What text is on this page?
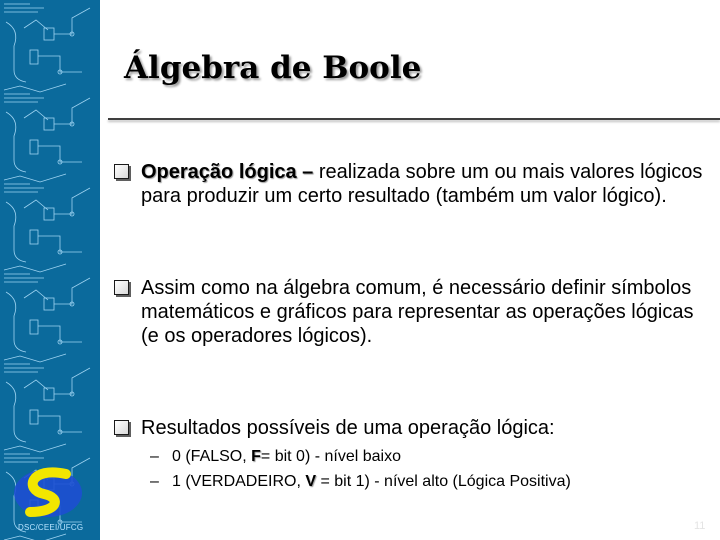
DSC/CEEI/UFCG
Álgebra de Boole
Operação lógica – realizada sobre um ou mais valores lógicos para produzir um certo resultado (também um valor lógico).
Assim como na álgebra comum, é necessário definir símbolos matemáticos e gráficos para representar as operações lógicas (e os operadores lógicos).
Resultados possíveis de uma operação lógica:
– 0 (FALSO, F= bit 0) - nível baixo
– 1 (VERDADEIRO, V = bit 1) - nível alto (Lógica Positiva)
11
